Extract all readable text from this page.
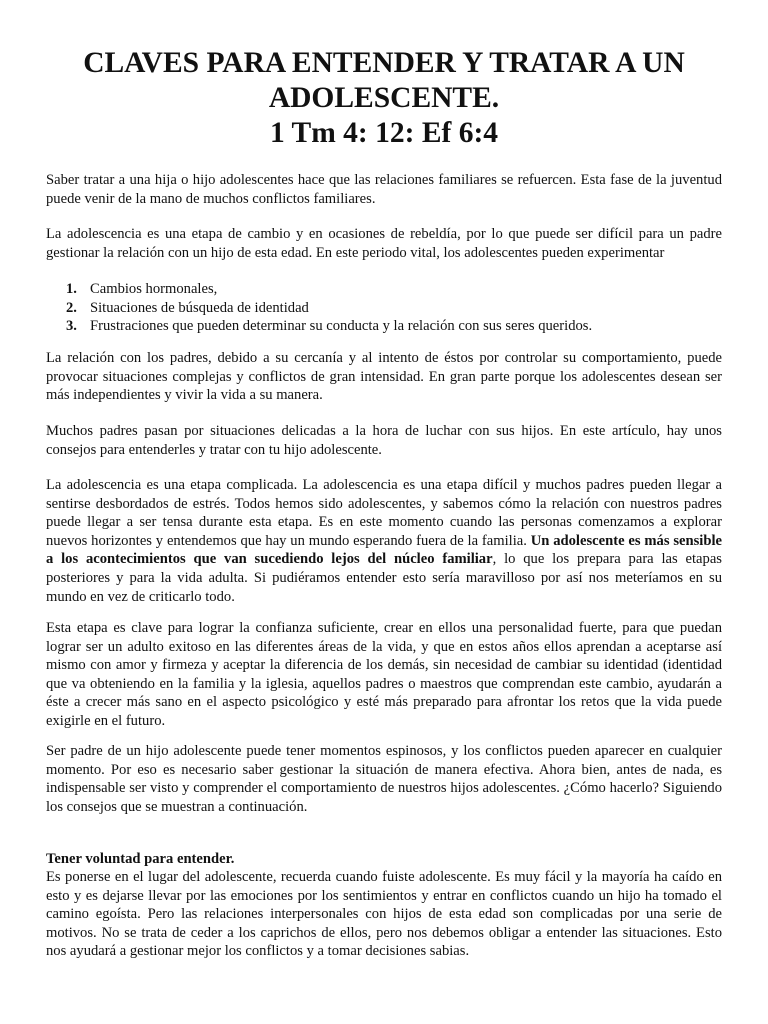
CLAVES PARA ENTENDER Y TRATAR A UN
ADOLESCENTE.
1 Tm 4: 12: Ef 6:4

Saber tratar a una hija o hijo adolescentes hace que las relaciones familiares se refuercen. Esta fase de la juventud puede venir de la mano de muchos conflictos familiares.

La adolescencia es una etapa de cambio y en ocasiones de rebeldía, por lo que puede ser difícil para un padre gestionar la relación con un hijo de esta edad. En este periodo vital, los adolescentes pueden experimentar

1. Cambios hormonales,
2. Situaciones de búsqueda de identidad
3. Frustraciones que pueden determinar su conducta y la relación con sus seres queridos.

La relación con los padres, debido a su cercanía y al intento de éstos por controlar su comportamiento, puede provocar situaciones complejas y conflictos de gran intensidad. En gran parte porque los adolescentes desean ser más independientes y vivir la vida a su manera.

Muchos padres pasan por situaciones delicadas a la hora de luchar con sus hijos. En este artículo, hay unos consejos para entenderles y tratar con tu hijo adolescente.

La adolescencia es una etapa complicada. La adolescencia es una etapa difícil y muchos padres pueden llegar a sentirse desbordados de estrés. Todos hemos sido adolescentes, y sabemos cómo la relación con nuestros padres puede llegar a ser tensa durante esta etapa. Es en este momento cuando las personas comenzamos a explorar nuevos horizontes y entendemos que hay un mundo esperando fuera de la familia. Un adolescente es más sensible a los acontecimientos que van sucediendo lejos del núcleo familiar, lo que los prepara para las etapas posteriores y para la vida adulta. Si pudiéramos entender esto sería maravilloso por así nos meteríamos en su mundo en vez de criticarlo todo.

Esta etapa es clave para lograr la confianza suficiente, crear en ellos una personalidad fuerte, para que puedan lograr ser un adulto exitoso en las diferentes áreas de la vida, y que en estos años ellos aprendan a aceptarse así mismo con amor y firmeza y aceptar la diferencia de los demás, sin necesidad de cambiar su identidad (identidad que va obteniendo en la familia y la iglesia, aquellos padres o maestros que comprendan este cambio, ayudarán a éste a crecer más sano en el aspecto psicológico y esté más preparado para afrontar los retos que la vida puede exigirle en el futuro.

Ser padre de un hijo adolescente puede tener momentos espinosos, y los conflictos pueden aparecer en cualquier momento. Por eso es necesario saber gestionar la situación de manera efectiva. Ahora bien, antes de nada, es indispensable ser visto y comprender el comportamiento de nuestros hijos adolescentes. ¿Cómo hacerlo? Siguiendo los consejos que se muestran a continuación.

Tener voluntad para entender.

Es ponerse en el lugar del adolescente, recuerda cuando fuiste adolescente. Es muy fácil y la mayoría ha caído en esto y es dejarse llevar por las emociones por los sentimientos y entrar en conflictos cuando un hijo ha tomado el camino egoísta. Pero las relaciones interpersonales con hijos de esta edad son complicadas por una serie de motivos. No se trata de ceder a los caprichos de ellos, pero nos debemos obligar a entender las situaciones. Esto nos ayudará a gestionar mejor los conflictos y a tomar decisiones sabias.
